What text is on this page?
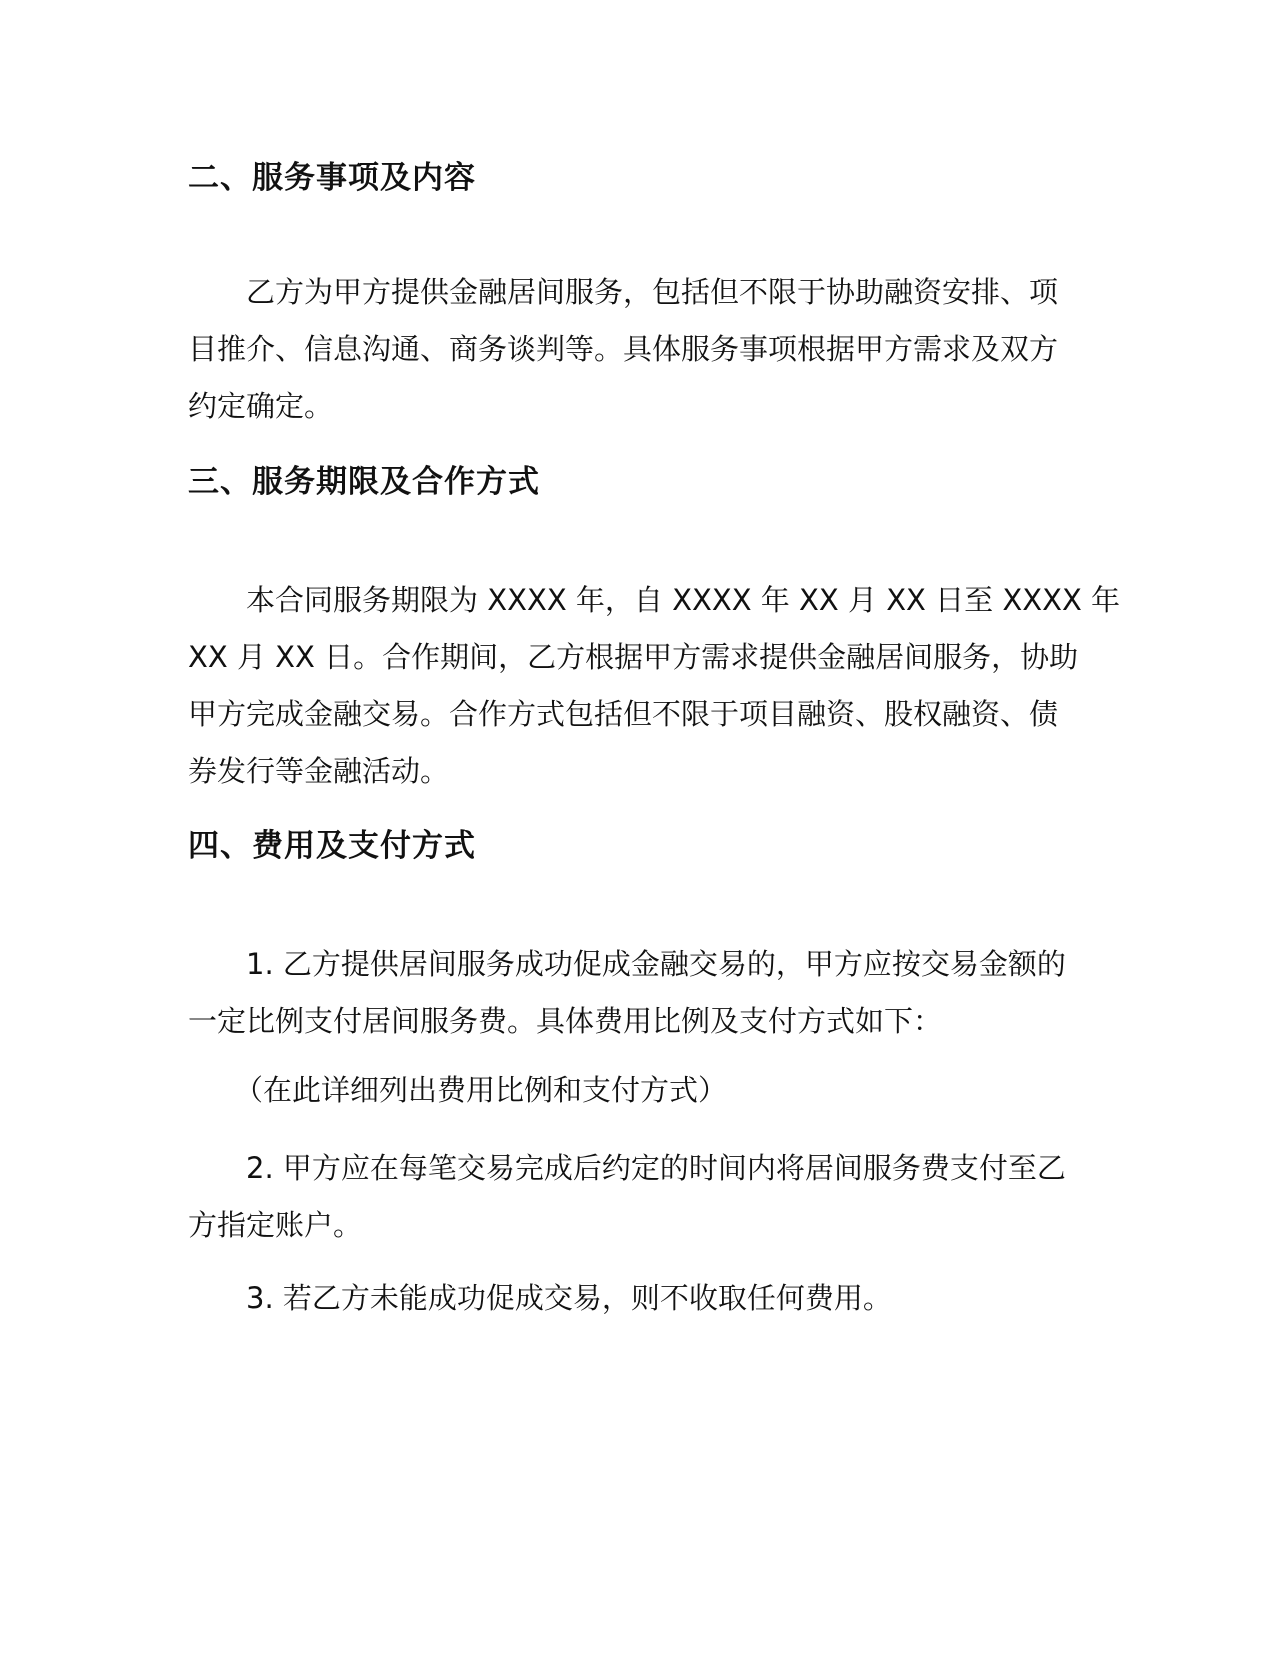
二、服务事项及内容
乙方为甲方提供金融居间服务，包括但不限于协助融资安排、项
目推介、信息沟通、商务谈判等。具体服务事项根据甲方需求及双方
约定确定。
三、服务期限及合作方式
本合同服务期限为 XXXX 年，自 XXXX 年 XX 月 XX 日至 XXXX 年
XX 月 XX 日。合作期间，乙方根据甲方需求提供金融居间服务，协助
甲方完成金融交易。合作方式包括但不限于项目融资、股权融资、债
券发行等金融活动。
四、费用及支付方式
1. 乙方提供居间服务成功促成金融交易的，甲方应按交易金额的
一定比例支付居间服务费。具体费用比例及支付方式如下：
（在此详细列出费用比例和支付方式）
2. 甲方应在每笔交易完成后约定的时间内将居间服务费支付至乙
方指定账户。
3. 若乙方未能成功促成交易，则不收取任何费用。
